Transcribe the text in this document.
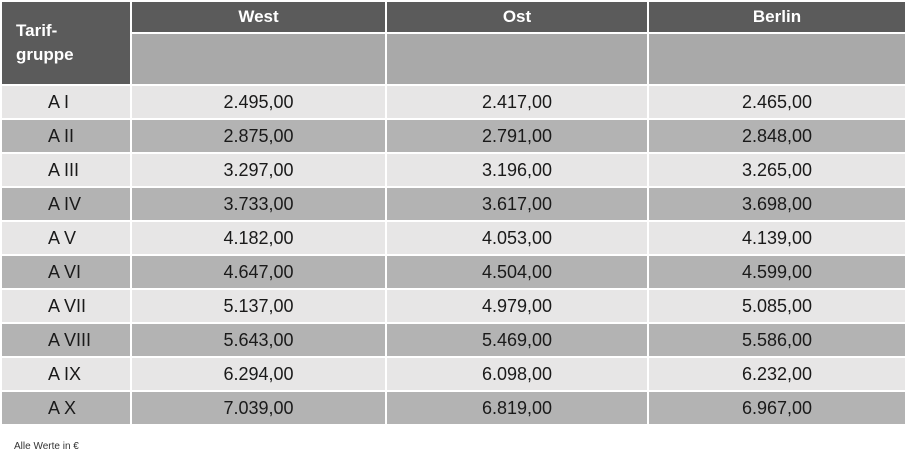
Tarif- gruppe	West	Ost	Berlin

A I	2.495,00	2.417,00	2.465,00
A II	2.875,00	2.791,00	2.848,00
A III	3.297,00	3.196,00	3.265,00
A IV	3.733,00	3.617,00	3.698,00
A V	4.182,00	4.053,00	4.139,00
A VI	4.647,00	4.504,00	4.599,00
A VII	5.137,00	4.979,00	5.085,00
A VIII	5.643,00	5.469,00	5.586,00
A IX	6.294,00	6.098,00	6.232,00
A X	7.039,00	6.819,00	6.967,00
Alle Werte in €
